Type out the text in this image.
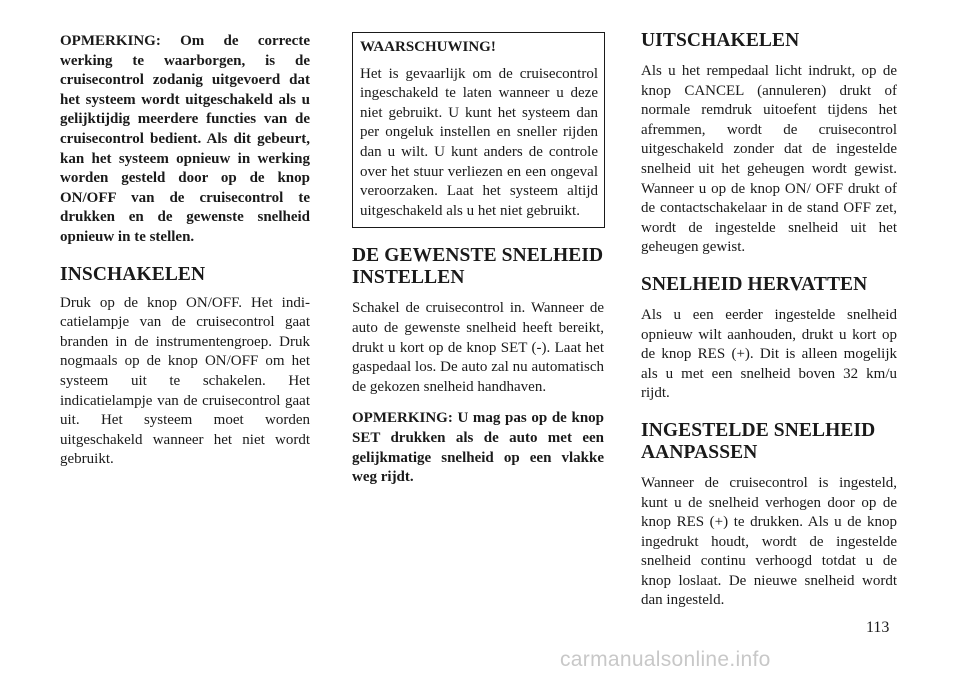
OPMERKING: Om de correcte werking te waarborgen, is de cruisecontrol zodanig uitgevoerd dat het systeem wordt uitgeschakeld als u gelijktijdig meerdere functies van de cruisecontrol bedient. Als dit gebeurt, kan het systeem opnieuw in werking worden gesteld door op de knop ON/OFF van de cruisecontrol te drukken en de gewenste snelheid opnieuw in te stellen.

INSCHAKELEN

Druk op de knop ON/OFF. Het indicatielampje van de cruisecontrol gaat branden in de instrumentengroep. Druk nogmaals op de knop ON/OFF om het systeem uit te schakelen. Het indicatielampje van de cruisecontrol gaat uit. Het systeem moet worden uitgeschakeld wanneer het niet wordt gebruikt.

WAARSCHUWING!

Het is gevaarlijk om de cruisecontrol ingeschakeld te laten wanneer u deze niet gebruikt. U kunt het systeem dan per ongeluk instellen en sneller rijden dan u wilt. U kunt anders de controle over het stuur verliezen en een ongeval veroorzaken. Laat het systeem altijd uitgeschakeld als u het niet gebruikt.

DE GEWENSTE SNELHEID INSTELLEN

Schakel de cruisecontrol in. Wanneer de auto de gewenste snelheid heeft bereikt, drukt u kort op de knop SET (-). Laat het gaspedaal los. De auto zal nu automatisch de gekozen snelheid handhaven.

OPMERKING: U mag pas op de knop SET drukken als de auto met een gelijkmatige snelheid op een vlakke weg rijdt.

UITSCHAKELEN

Als u het rempedaal licht indrukt, op de knop CANCEL (annuleren) drukt of normale remdruk uitoefent tijdens het afremmen, wordt de cruisecontrol uitgeschakeld zonder dat de ingestelde snelheid uit het geheugen wordt gewist. Wanneer u op de knop ON/ OFF drukt of de contactschakelaar in de stand OFF zet, wordt de ingestelde snelheid uit het geheugen gewist.

SNELHEID HERVATTEN

Als u een eerder ingestelde snelheid opnieuw wilt aanhouden, drukt u kort op de knop RES (+). Dit is alleen mogelijk als u met een snelheid boven 32 km/u rijdt.

INGESTELDE SNELHEID AANPASSEN

Wanneer de cruisecontrol is ingesteld, kunt u de snelheid verhogen door op de knop RES (+) te drukken. Als u de knop ingedrukt houdt, wordt de ingestelde snelheid continu verhoogd totdat u de knop loslaat. De nieuwe snelheid wordt dan ingesteld.

113
carmanualsonline.info
